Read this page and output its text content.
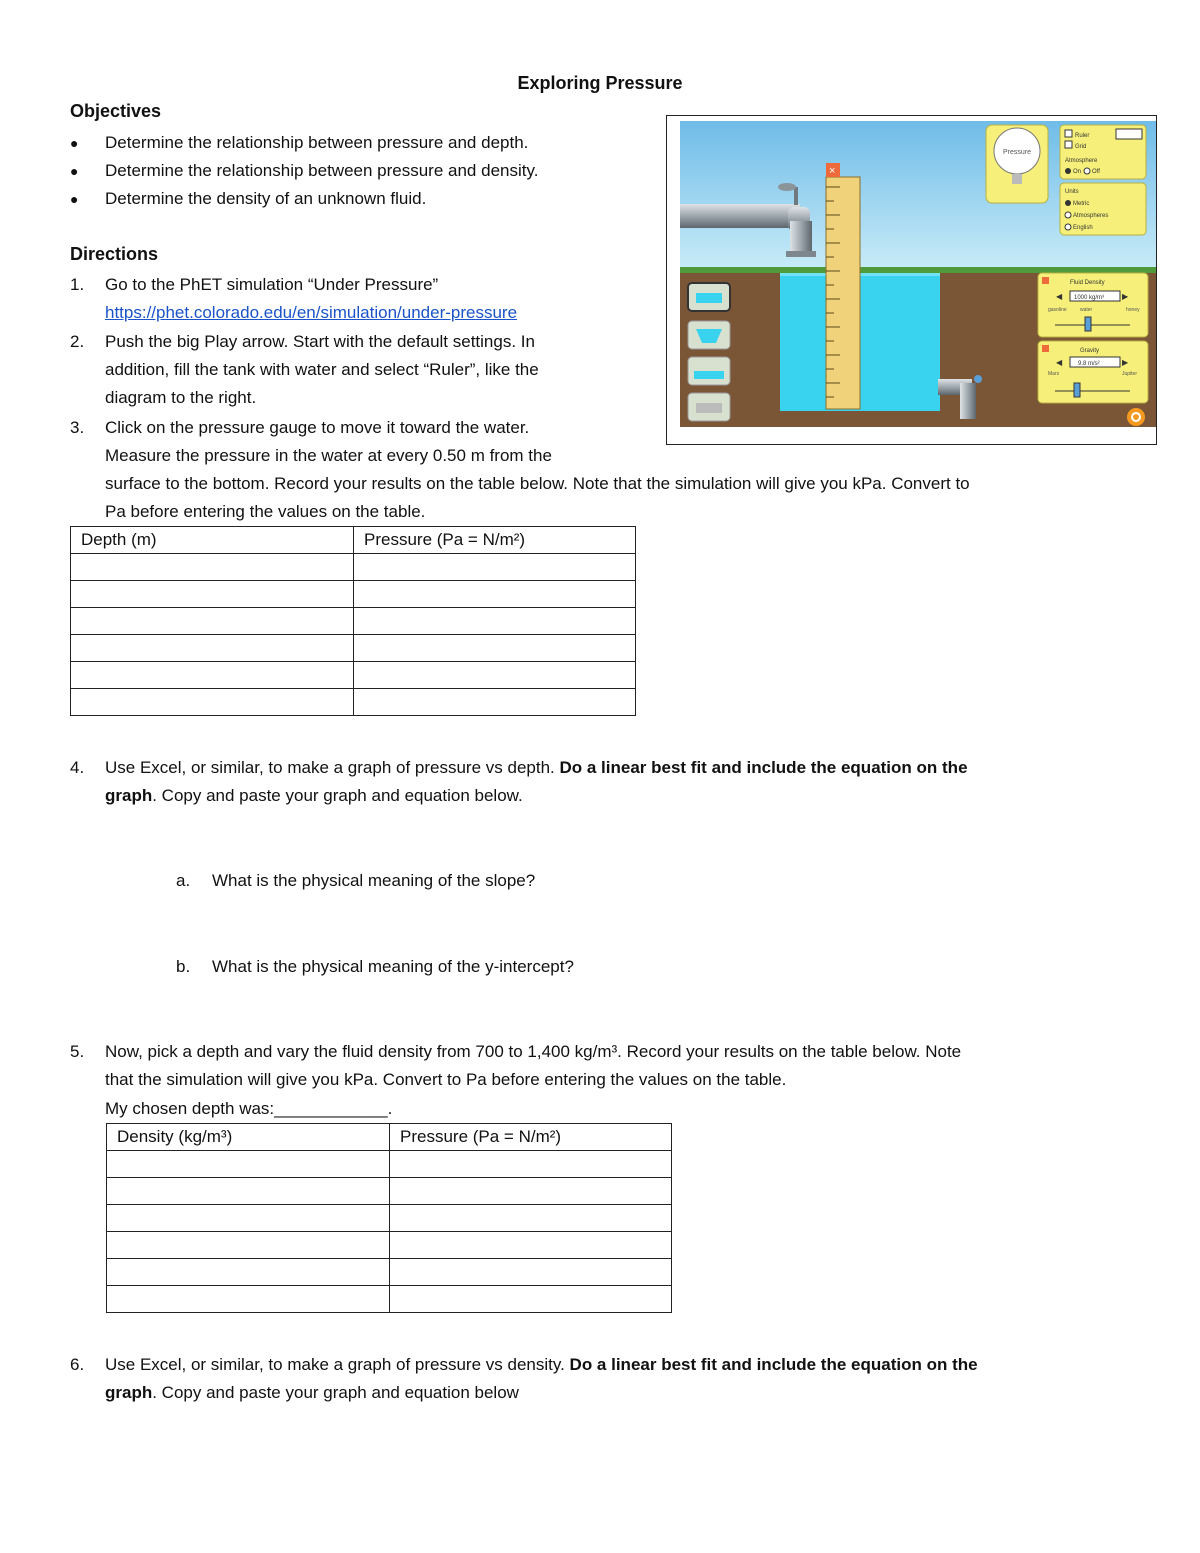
Exploring Pressure
Objectives
● Determine the relationship between pressure and depth.
● Determine the relationship between pressure and density.
● Determine the density of an unknown fluid.
Directions
1. Go to the PhET simulation “Under Pressure”
https://phet.colorado.edu/en/simulation/under-pressure
2. Push the big Play arrow. Start with the default settings. In
addition, fill the tank with water and select “Ruler”, like the
diagram to the right.
3. Click on the pressure gauge to move it toward the water.
Measure the pressure in the water at every 0.50 m from the
surface to the bottom. Record your results on the table below. Note that the simulation will give you kPa. Convert to
Pa before entering the values on the table.
Depth (m)	Pressure (Pa = N/m²)

4. Use Excel, or similar, to make a graph of pressure vs depth. Do a linear best fit and include the equation on the
graph. Copy and paste your graph and equation below.
a. What is the physical meaning of the slope?
b. What is the physical meaning of the y-intercept?
5. Now, pick a depth and vary the fluid density from 700 to 1,400 kg/m³. Record your results on the table below. Note
that the simulation will give you kPa. Convert to Pa before entering the values on the table.
My chosen depth was:____________.
Density (kg/m³)	Pressure (Pa = N/m²)

6. Use Excel, or similar, to make a graph of pressure vs density. Do a linear best fit and include the equation on the
graph. Copy and paste your graph and equation below
×
Pressure
Ruler
Grid
Atmosphere
On Off
Units
Metric
Atmospheres
English
Fluid Density
◀ 1000 kg/m³ ▶
gasoline	water	honey
Gravity
◀	9.8 m/s²	▶
Mars	Jupiter
